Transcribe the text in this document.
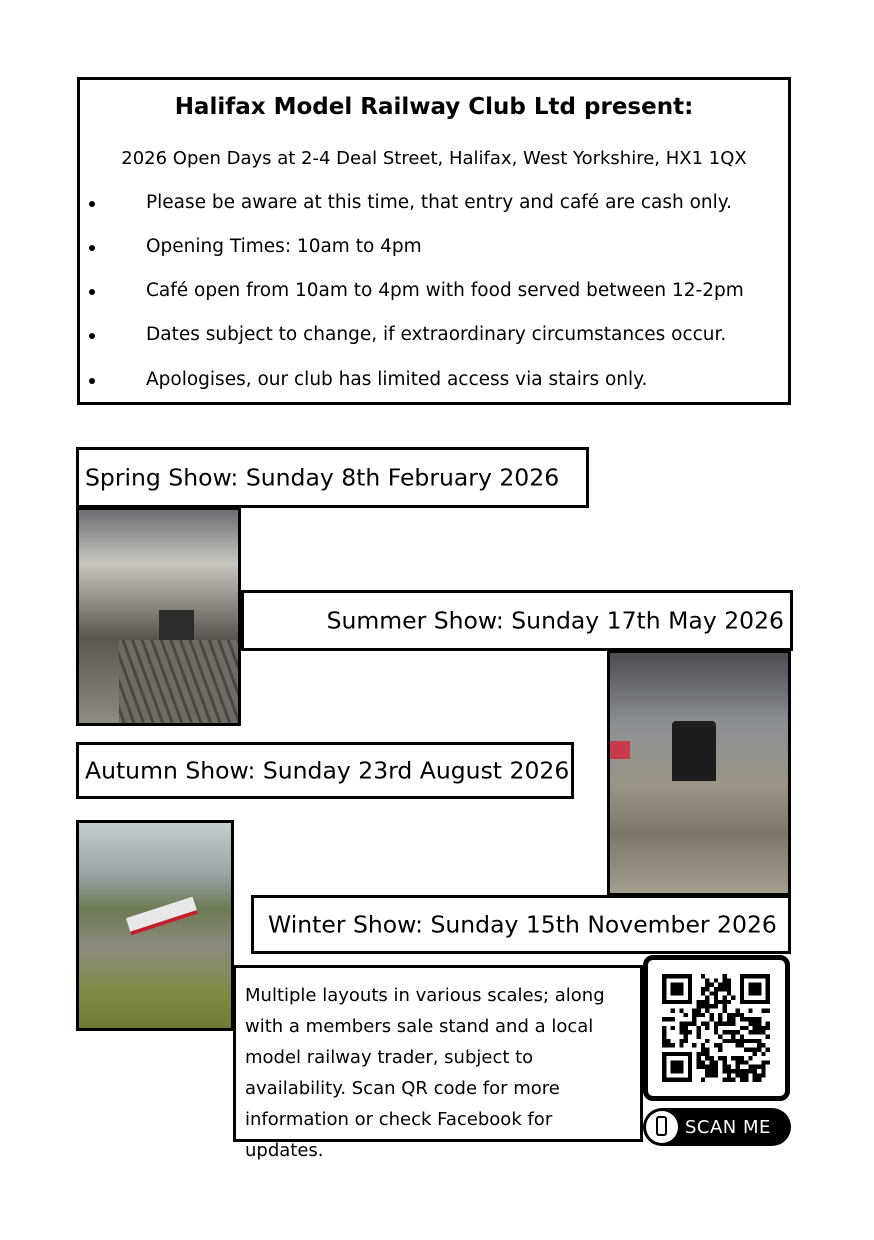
Halifax Model Railway Club Ltd present:
2026 Open Days at 2-4 Deal Street, Halifax, West Yorkshire, HX1 1QX
Please be aware at this time, that entry and café are cash only.
Opening Times: 10am to 4pm
Café open from 10am to 4pm with food served between 12-2pm
Dates subject to change, if extraordinary circumstances occur.
Apologises, our club has limited access via stairs only.
Spring Show: Sunday 8th February 2026
Summer Show: Sunday 17th May 2026
Autumn Show: Sunday 23rd August 2026
Winter Show: Sunday 15th November 2026
Multiple layouts in various scales; along with a members sale stand and a local model railway trader, subject to availability. Scan QR code for more information or check Facebook for updates.
SCAN ME
